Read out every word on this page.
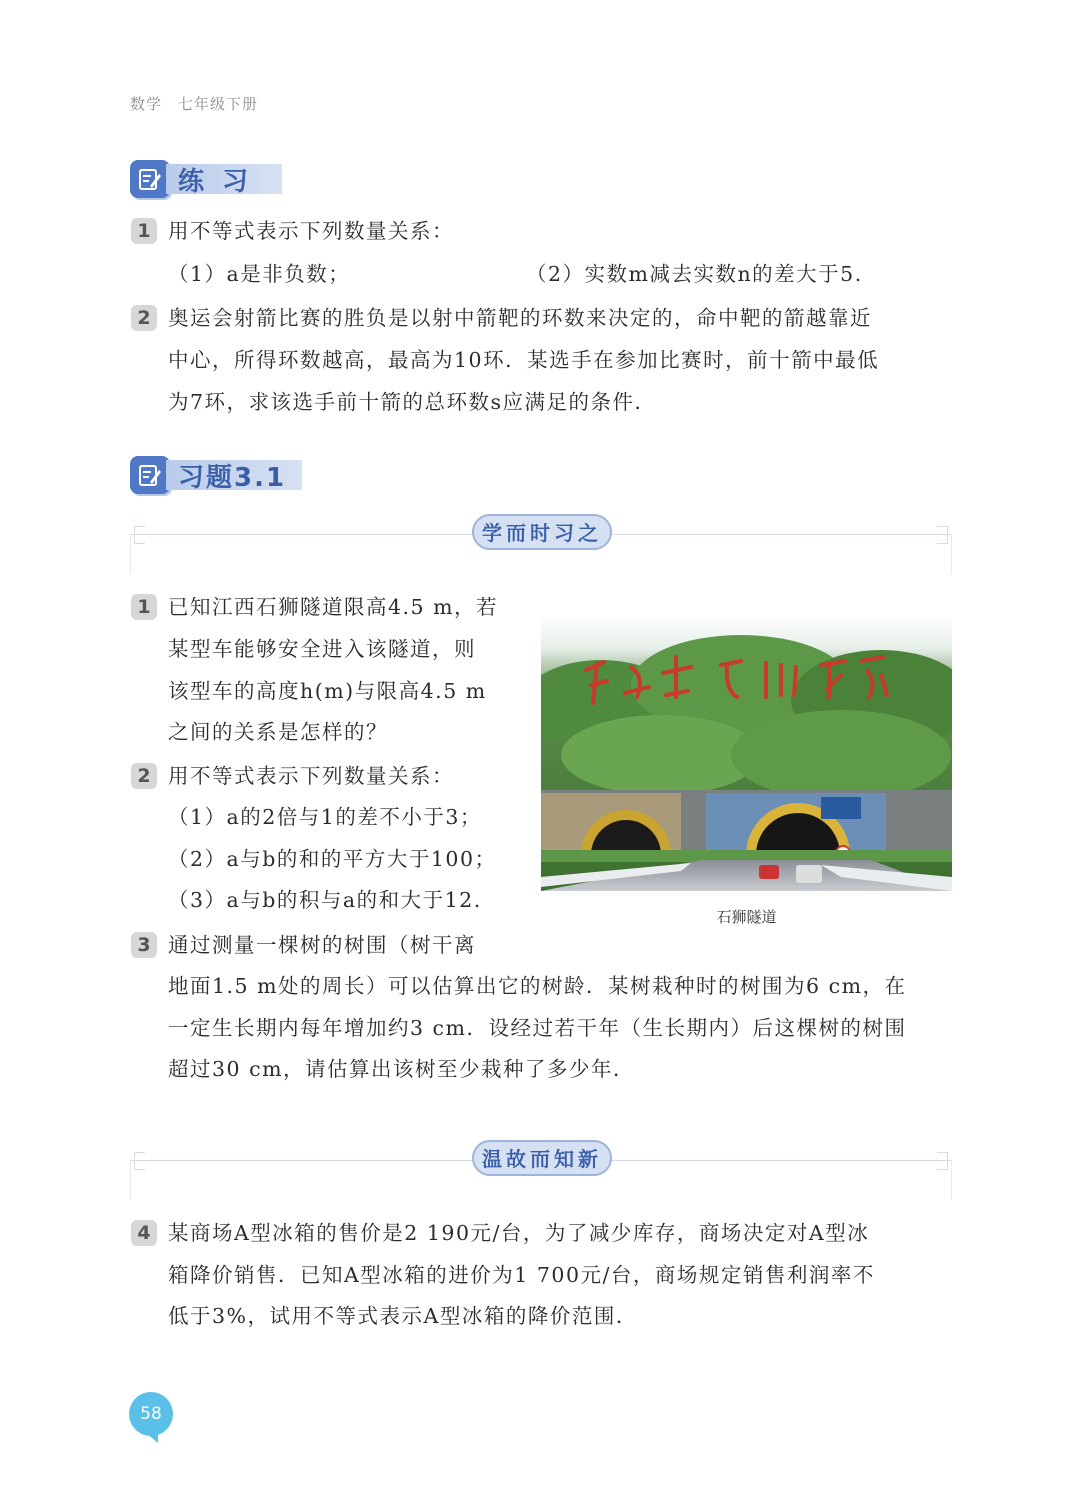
数学 七年级下册
练习
1 用不等式表示下列数量关系：
（1）a是非负数；	（2）实数m减去实数n的差大于5.
2 奥运会射箭比赛的胜负是以射中箭靶的环数来决定的，命中靶的箭越靠近
中心，所得环数越高，最高为10环．某选手在参加比赛时，前十箭中最低
为7环，求该选手前十箭的总环数s应满足的条件．
习题3.1
学而时习之
1 已知江西石狮隧道限高4.5 m，若
某型车能够安全进入该隧道，则
该型车的高度h(m)与限高4.5 m
之间的关系是怎样的？
2 用不等式表示下列数量关系：
（1）a的2倍与1的差不小于3；
（2）a与b的和的平方大于100；
（3）a与b的积与a的和大于12.
石狮隧道
3 通过测量一棵树的树围（树干离
地面1.5 m处的周长）可以估算出它的树龄．某树栽种时的树围为6 cm，在
一定生长期内每年增加约3 cm．设经过若干年（生长期内）后这棵树的树围
超过30 cm，请估算出该树至少栽种了多少年．
温故而知新
4 某商场A型冰箱的售价是2 190元/台，为了减少库存，商场决定对A型冰
箱降价销售．已知A型冰箱的进价为1 700元/台，商场规定销售利润率不
低于3%，试用不等式表示A型冰箱的降价范围．
58
